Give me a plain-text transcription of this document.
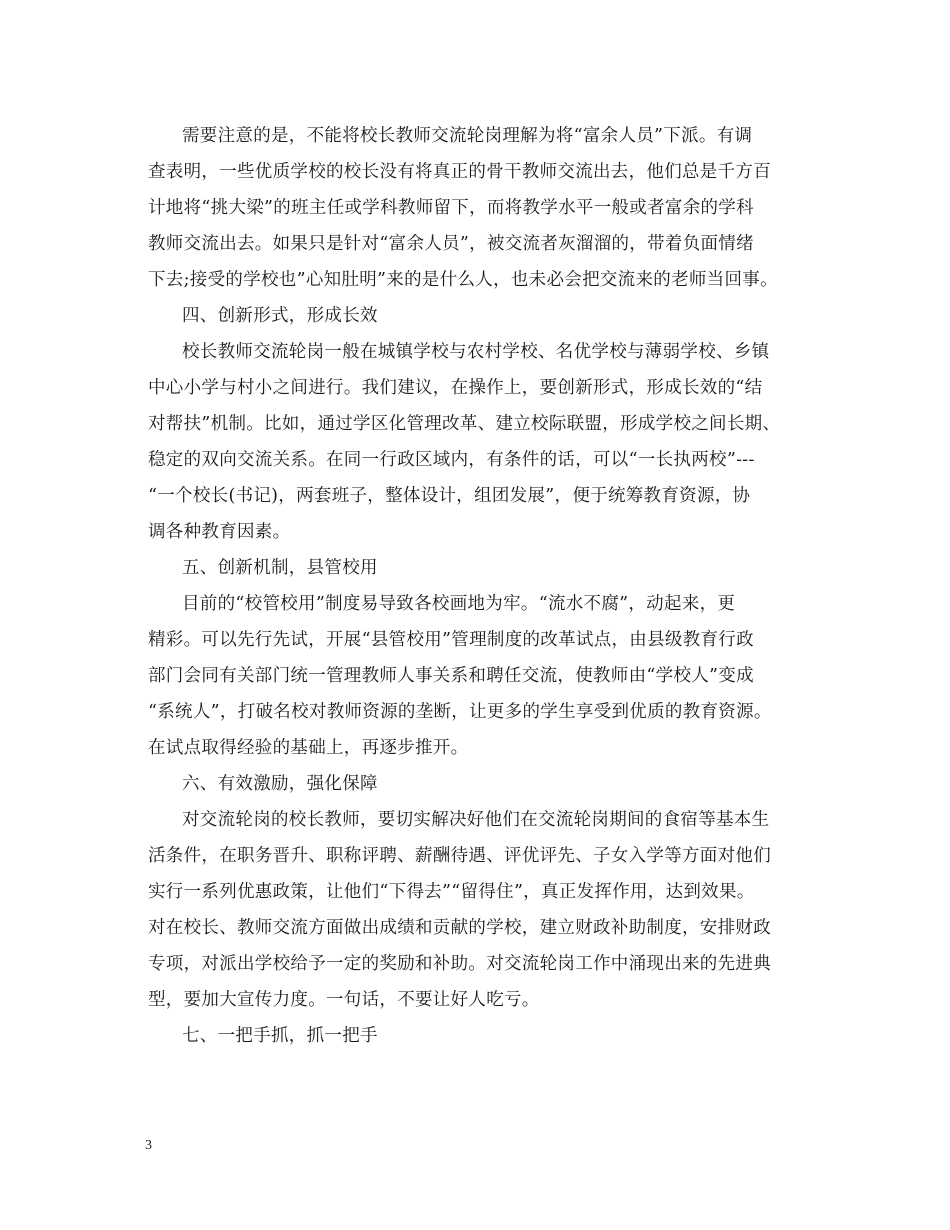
需要注意的是，不能将校长教师交流轮岗理解为将“富余人员”下派。有调
查表明，一些优质学校的校长没有将真正的骨干教师交流出去，他们总是千方百
计地将“挑大梁”的班主任或学科教师留下，而将教学水平一般或者富余的学科
教师交流出去。如果只是针对“富余人员”，被交流者灰溜溜的，带着负面情绪
下去;接受的学校也”心知肚明”来的是什么人，也未必会把交流来的老师当回事。
四、创新形式，形成长效
校长教师交流轮岗一般在城镇学校与农村学校、名优学校与薄弱学校、乡镇
中心小学与村小之间进行。我们建议，在操作上，要创新形式，形成长效的“结
对帮扶”机制。比如，通过学区化管理改革、建立校际联盟，形成学校之间长期、
稳定的双向交流关系。在同一行政区域内，有条件的话，可以“一长执两校”---
“一个校长(书记)，两套班子，整体设计，组团发展”，便于统筹教育资源，协
调各种教育因素。
五、创新机制，县管校用
目前的“校管校用”制度易导致各校画地为牢。“流水不腐”，动起来，更
精彩。可以先行先试，开展“县管校用”管理制度的改革试点，由县级教育行政
部门会同有关部门统一管理教师人事关系和聘任交流，使教师由“学校人”变成
“系统人”，打破名校对教师资源的垄断，让更多的学生享受到优质的教育资源。
在试点取得经验的基础上，再逐步推开。
六、有效激励，强化保障
对交流轮岗的校长教师，要切实解决好他们在交流轮岗期间的食宿等基本生
活条件，在职务晋升、职称评聘、薪酬待遇、评优评先、子女入学等方面对他们
实行一系列优惠政策，让他们“下得去”“留得住”，真正发挥作用，达到效果。
对在校长、教师交流方面做出成绩和贡献的学校，建立财政补助制度，安排财政
专项，对派出学校给予一定的奖励和补助。对交流轮岗工作中涌现出来的先进典
型，要加大宣传力度。一句话，不要让好人吃亏。
七、一把手抓，抓一把手
3
